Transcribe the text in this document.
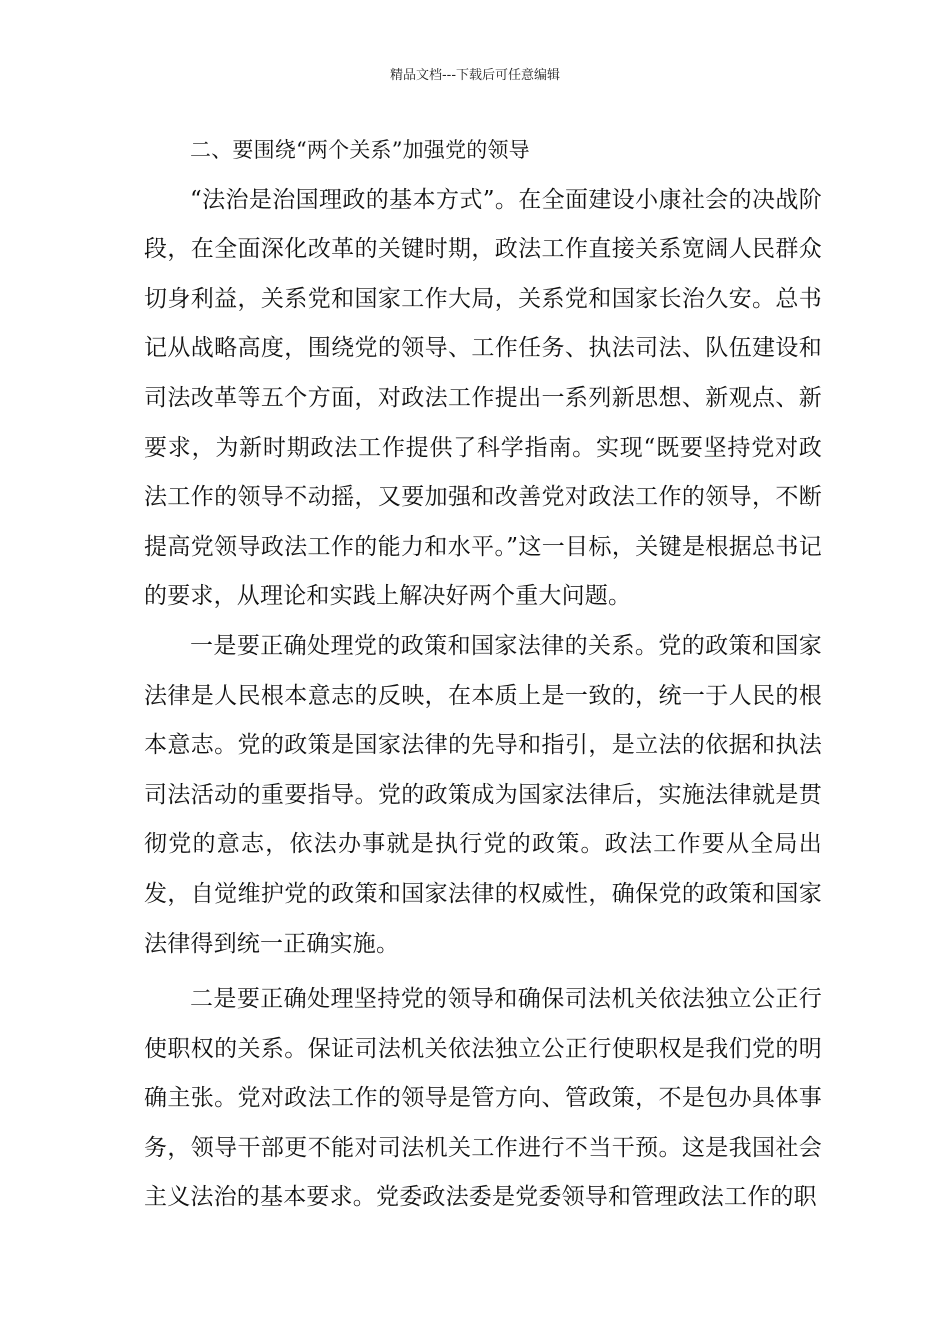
精品文档---下载后可任意编辑
二、要围绕“两个关系”加强党的领导

“法治是治国理政的基本方式”。在全面建设小康社会的决战阶段，在全面深化改革的关键时期，政法工作直接关系宽阔人民群众切身利益，关系党和国家工作大局，关系党和国家长治久安。总书记从战略高度，围绕党的领导、工作任务、执法司法、队伍建设和司法改革等五个方面，对政法工作提出一系列新思想、新观点、新要求，为新时期政法工作提供了科学指南。实现“既要坚持党对政法工作的领导不动摇，又要加强和改善党对政法工作的领导，不断提高党领导政法工作的能力和水平。”这一目标，关键是根据总书记的要求，从理论和实践上解决好两个重大问题。

一是要正确处理党的政策和国家法律的关系。党的政策和国家法律是人民根本意志的反映，在本质上是一致的，统一于人民的根本意志。党的政策是国家法律的先导和指引，是立法的依据和执法司法活动的重要指导。党的政策成为国家法律后，实施法律就是贯彻党的意志，依法办事就是执行党的政策。政法工作要从全局出发，自觉维护党的政策和国家法律的权威性，确保党的政策和国家法律得到统一正确实施。

二是要正确处理坚持党的领导和确保司法机关依法独立公正行使职权的关系。保证司法机关依法独立公正行使职权是我们党的明确主张。党对政法工作的领导是管方向、管政策，不是包办具体事务，领导干部更不能对司法机关工作进行不当干预。这是我国社会主义法治的基本要求。党委政法委是党委领导和管理政法工作的职
